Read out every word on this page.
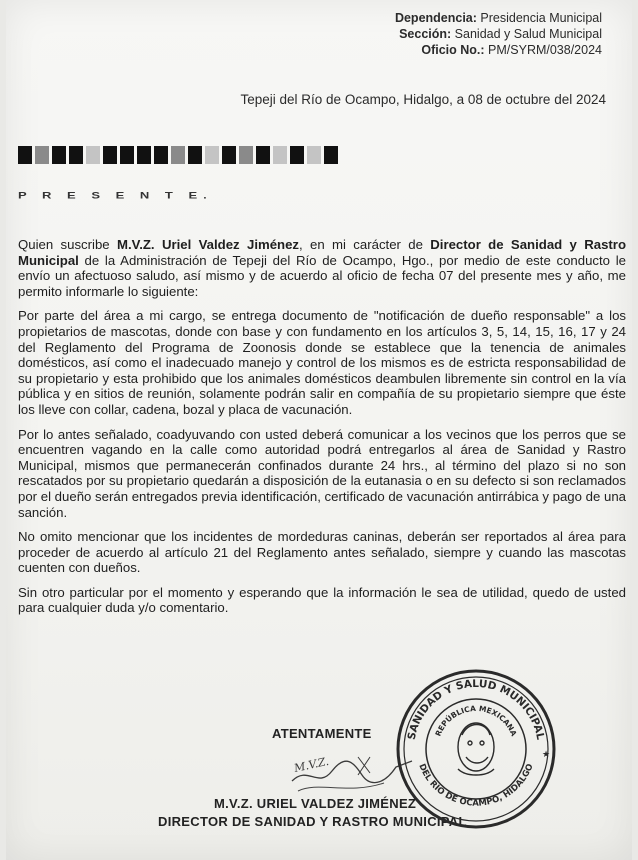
Dependencia: Presidencia Municipal
Sección: Sanidad y Salud Municipal
Oficio No.: PM/SYRM/038/2024
Tepeji del Río de Ocampo, Hidalgo, a 08 de octubre del 2024
P R E S E N T E.

Quien suscribe M.V.Z. Uriel Valdez Jiménez, en mi carácter de Director de Sanidad y Rastro Municipal de la Administración de Tepeji del Río de Ocampo, Hgo., por medio de este conducto le envío un afectuoso saludo, así mismo y de acuerdo al oficio de fecha 07 del presente mes y año, me permito informarle lo siguiente:

Por parte del área a mi cargo, se entrega documento de "notificación de dueño responsable" a los propietarios de mascotas, donde con base y con fundamento en los artículos 3, 5, 14, 15, 16, 17 y 24 del Reglamento del Programa de Zoonosis donde se establece que la tenencia de animales domésticos, así como el inadecuado manejo y control de los mismos es de estricta responsabilidad de su propietario y esta prohibido que los animales domésticos deambulen libremente sin control en la vía pública y en sitios de reunión, solamente podrán salir en compañía de su propietario siempre que éste los lleve con collar, cadena, bozal y placa de vacunación.

Por lo antes señalado, coadyuvando con usted deberá comunicar a los vecinos que los perros que se encuentren vagando en la calle como autoridad podrá entregarlos al área de Sanidad y Rastro Municipal, mismos que permanecerán confinados durante 24 hrs., al término del plazo si no son rescatados por su propietario quedarán a disposición de la eutanasia o en su defecto si son reclamados por el dueño serán entregados previa identificación, certificado de vacunación antirrábica y pago de una sanción.

No omito mencionar que los incidentes de mordeduras caninas, deberán ser reportados al área para proceder de acuerdo al artículo 21 del Reglamento antes señalado, siempre y cuando las mascotas cuenten con dueños.

Sin otro particular por el momento y esperando que la información le sea de utilidad, quedo de usted para cualquier duda y/o comentario.

ATENTAMENTE
M.V.Z. URIEL VALDEZ JIMÉNEZ
DIRECTOR DE SANIDAD Y RASTRO MUNICIPAL
M.V.Z.
SANIDAD Y SALUD MUNICIPAL
REPÚBLICA MEXICANA
DEL RÍO DE OCAMPO, HIDALGO
★
